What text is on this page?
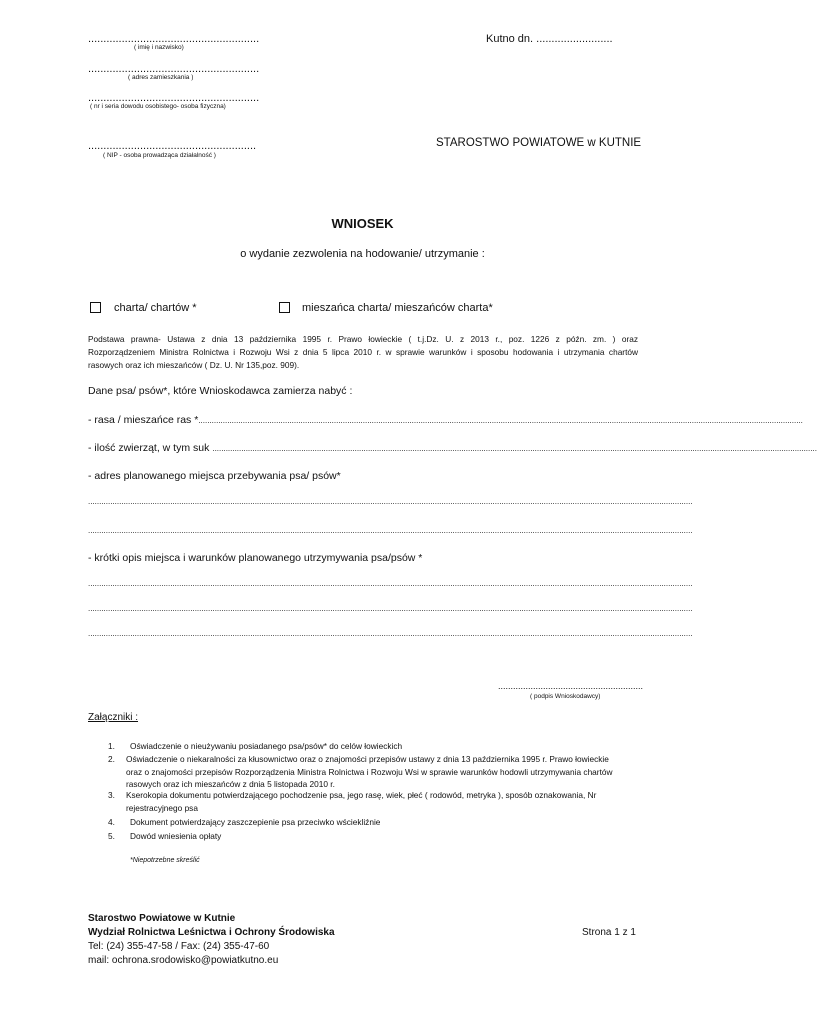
........................................................
( imię i nazwisko)
........................................................
( adres zamieszkania )
........................................................
( nr i seria dowodu osobistego- osoba fizyczna)
.......................................................
( NIP - osoba prowadząca działalność )
Kutno dn. .........................
STAROSTWO POWIATOWE w KUTNIE
WNIOSEK
o wydanie zezwolenia na hodowanie/ utrzymanie :
charta/ chartów *	mieszańca charta/ mieszańców charta*
Podstawa prawna- Ustawa z dnia 13 października 1995 r. Prawo łowieckie ( t.j.Dz. U. z 2013 r., poz. 1226 z późn. zm. ) oraz
Rozporządzeniem Ministra Rolnictwa i Rozwoju Wsi z dnia 5 lipca 2010 r. w sprawie warunków i sposobu hodowania i utrzymania chartów
rasowych oraz ich mieszańców ( Dz. U. Nr 135,poz. 909).
Dane psa/ psów*, które Wnioskodawca zamierza nabyć :
- rasa / mieszańce ras * ................................................................................................................................................................................................................................................................................
- ilość zwierząt, w tym suk ................................................................................................................................................................................................................................................................................
- adres planowanego miejsca przebywania psa/ psów*
................................................................................................................................................................................................................................................................................
................................................................................................................................................................................................................................................................................
- krótki opis miejsca i warunków planowanego utrzymywania psa/psów *
................................................................................................................................................................................................................................................................................
................................................................................................................................................................................................................................................................................
................................................................................................................................................................................................................................................................................
..........................................................
( podpis Wnioskodawcy)
Załączniki :
1. Oświadczenie o nieużywaniu posiadanego psa/psów* do celów łowieckich
2. Oświadczenie o niekaralności za kłusownictwo oraz o znajomości przepisów ustawy z dnia 13 października 1995 r. Prawo łowieckie oraz o znajomości przepisów Rozporządzenia Ministra Rolnictwa i Rozwoju Wsi w sprawie warunków hodowli utrzymywania chartów rasowych oraz ich mieszańców z dnia 5 listopada 2010 r.
3. Kserokopia dokumentu potwierdzającego pochodzenie psa, jego rasę, wiek, płeć ( rodowód, metryka ), sposób oznakowania, Nr rejestracyjnego psa
4. Dokument potwierdzający zaszczepienie psa przeciwko wściekliźnie
5. Dowód wniesienia opłaty
*Niepotrzebne skreślić
Starostwo Powiatowe w Kutnie
Wydział Rolnictwa Leśnictwa i Ochrony Środowiska
Tel: (24) 355-47-58 / Fax: (24) 355-47-60
mail: ochrona.srodowisko@powiatkutno.eu
Strona 1 z 1
